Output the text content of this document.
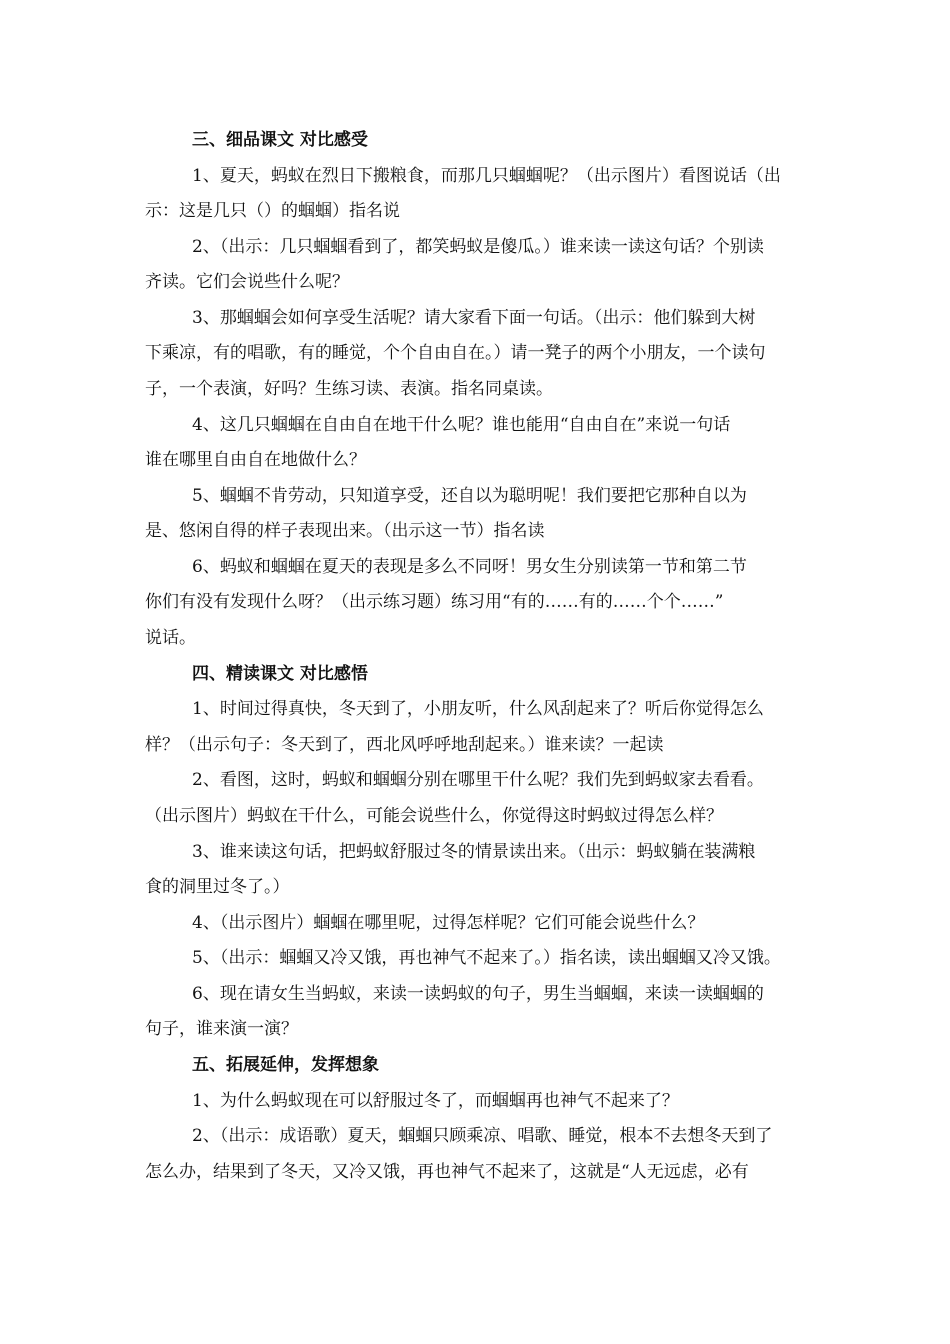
三、细品课文 对比感受
1、夏天，蚂蚁在烈日下搬粮食，而那几只蝈蝈呢？（出示图片）看图说话（出
示：这是几只（）的蝈蝈）指名说
2、（出示：几只蝈蝈看到了，都笑蚂蚁是傻瓜。）谁来读一读这句话？个别读
齐读。它们会说些什么呢？
3、那蝈蝈会如何享受生活呢？请大家看下面一句话。（出示：他们躲到大树
下乘凉，有的唱歌，有的睡觉，个个自由自在。）请一凳子的两个小朋友，一个读句
子，一个表演，好吗？生练习读、表演。指名同桌读。
4、这几只蝈蝈在自由自在地干什么呢？谁也能用“自由自在”来说一句话
谁在哪里自由自在地做什么？
5、蝈蝈不肯劳动，只知道享受，还自以为聪明呢！我们要把它那种自以为
是、悠闲自得的样子表现出来。（出示这一节）指名读
6、蚂蚁和蝈蝈在夏天的表现是多么不同呀！男女生分别读第一节和第二节
你们有没有发现什么呀？（出示练习题）练习用“有的……有的……个个……”
说话。
四、精读课文 对比感悟
1、时间过得真快，冬天到了，小朋友听，什么风刮起来了？听后你觉得怎么
样？（出示句子：冬天到了，西北风呼呼地刮起来。）谁来读？一起读
2、看图，这时，蚂蚁和蝈蝈分别在哪里干什么呢？我们先到蚂蚁家去看看。
（出示图片）蚂蚁在干什么，可能会说些什么，你觉得这时蚂蚁过得怎么样？
3、谁来读这句话，把蚂蚁舒服过冬的情景读出来。（出示：蚂蚁躺在装满粮
食的洞里过冬了。）
4、（出示图片）蝈蝈在哪里呢，过得怎样呢？它们可能会说些什么？
5、（出示：蝈蝈又冷又饿，再也神气不起来了。）指名读，读出蝈蝈又冷又饿。
6、现在请女生当蚂蚁，来读一读蚂蚁的句子，男生当蝈蝈，来读一读蝈蝈的
句子，谁来演一演？
五、拓展延伸，发挥想象
1、为什么蚂蚁现在可以舒服过冬了，而蝈蝈再也神气不起来了？
2、（出示：成语歌）夏天，蝈蝈只顾乘凉、唱歌、睡觉，根本不去想冬天到了
怎么办，结果到了冬天，又冷又饿，再也神气不起来了，这就是“人无远虑，必有
